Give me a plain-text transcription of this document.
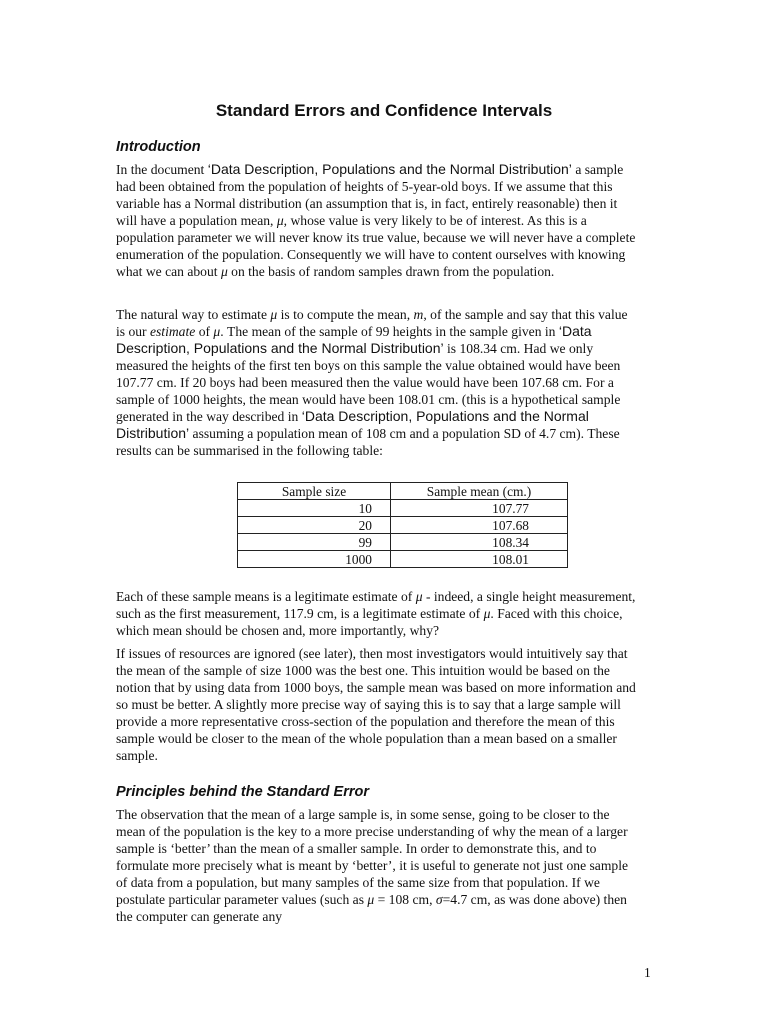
Standard Errors and Confidence Intervals
Introduction

In the document ‘Data Description, Populations and the Normal Distribution’ a sample had been obtained from the population of heights of 5-year-old boys. If we assume that this variable has a Normal distribution (an assumption that is, in fact, entirely reasonable) then it will have a population mean, μ, whose value is very likely to be of interest. As this is a population parameter we will never know its true value, because we will never have a complete enumeration of the population. Consequently we will have to content ourselves with knowing what we can about μ on the basis of random samples drawn from the population.

The natural way to estimate μ is to compute the mean, m, of the sample and say that this value is our estimate of μ. The mean of the sample of 99 heights in the sample given in ‘Data Description, Populations and the Normal Distribution’ is 108.34 cm. Had we only measured the heights of the first ten boys on this sample the value obtained would have been 107.77 cm. If 20 boys had been measured then the value would have been 107.68 cm. For a sample of 1000 heights, the mean would have been 108.01 cm. (this is a hypothetical sample generated in the way described in ‘Data Description, Populations and the Normal Distribution’ assuming a population mean of 108 cm and a population SD of 4.7 cm). These results can be summarised in the following table:

Sample size	Sample mean (cm.)
10	107.77
20	107.68
99	108.34
1000	108.01

Each of these sample means is a legitimate estimate of μ - indeed, a single height measurement, such as the first measurement, 117.9 cm, is a legitimate estimate of μ. Faced with this choice, which mean should be chosen and, more importantly, why?

If issues of resources are ignored (see later), then most investigators would intuitively say that the mean of the sample of size 1000 was the best one. This intuition would be based on the notion that by using data from 1000 boys, the sample mean was based on more information and so must be better. A slightly more precise way of saying this is to say that a large sample will provide a more representative cross-section of the population and therefore the mean of this sample would be closer to the mean of the whole population than a mean based on a smaller sample.

Principles behind the Standard Error

The observation that the mean of a large sample is, in some sense, going to be closer to the mean of the population is the key to a more precise understanding of why the mean of a larger sample is ‘better’ than the mean of a smaller sample. In order to demonstrate this, and to formulate more precisely what is meant by ‘better’, it is useful to generate not just one sample of data from a population, but many samples of the same size from that population. If we postulate particular parameter values (such as μ = 108 cm, σ=4.7 cm, as was done above) then the computer can generate any

1
